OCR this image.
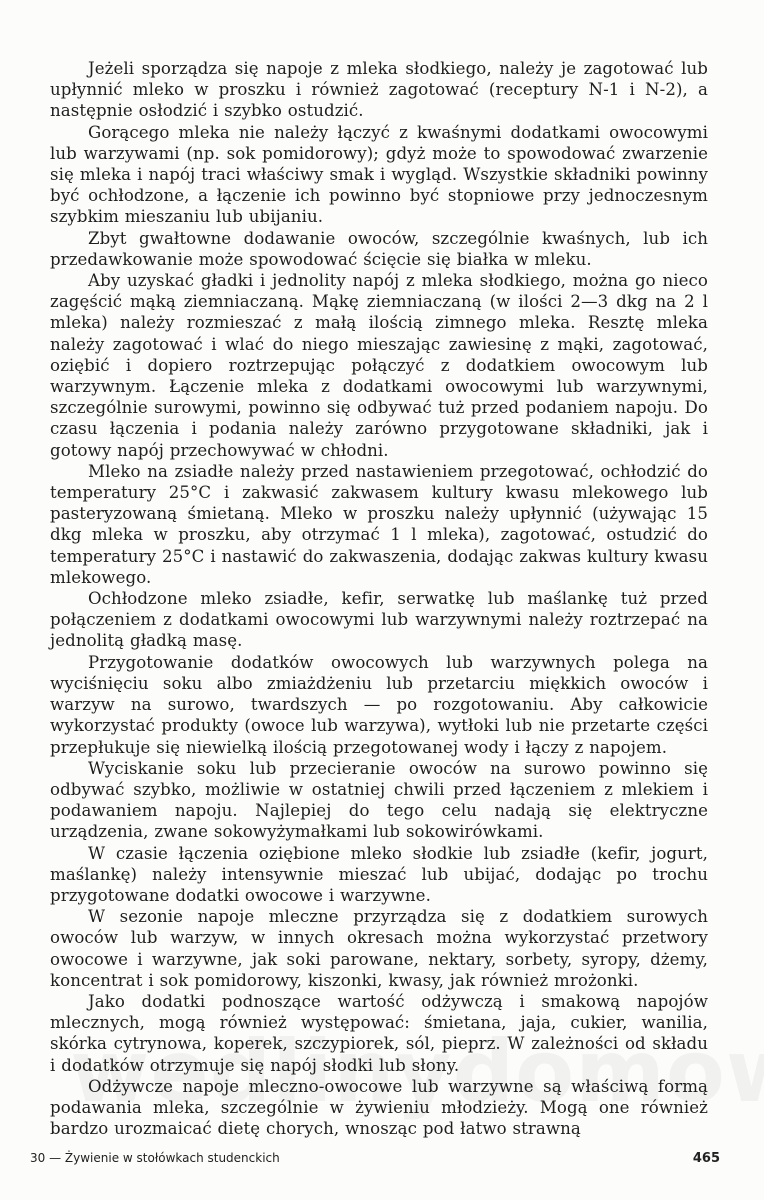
Jeżeli sporządza się napoje z mleka słodkiego, należy je zagotować lub upłynnić mleko w proszku i również zagotować (receptury N-1 i N-2), a następnie osłodzić i szybko ostudzić.

Gorącego mleka nie należy łączyć z kwaśnymi dodatkami owocowymi lub warzywami (np. sok pomidorowy); gdyż może to spowodować zwarzenie się mleka i napój traci właściwy smak i wygląd. Wszystkie składniki powinny być ochłodzone, a łączenie ich powinno być stopniowe przy jednoczesnym szybkim mieszaniu lub ubijaniu.

Zbyt gwałtowne dodawanie owoców, szczególnie kwaśnych, lub ich przedawkowanie może spowodować ścięcie się białka w mleku.

Aby uzyskać gładki i jednolity napój z mleka słodkiego, można go nieco zagęścić mąką ziemniaczaną. Mąkę ziemniaczaną (w ilości 2—3 dkg na 2 l mleka) należy rozmieszać z małą ilością zimnego mleka. Resztę mleka należy zagotować i wlać do niego mieszając zawiesinę z mąki, zagotować, oziębić i dopiero roztrzepując połączyć z dodatkiem owocowym lub warzywnym. Łączenie mleka z dodatkami owocowymi lub warzywnymi, szczególnie surowymi, powinno się odbywać tuż przed podaniem napoju. Do czasu łączenia i podania należy zarówno przygotowane składniki, jak i gotowy napój przechowywać w chłodni.

Mleko na zsiadłe należy przed nastawieniem przegotować, ochłodzić do temperatury 25°C i zakwasić zakwasem kultury kwasu mlekowego lub pasteryzowaną śmietaną. Mleko w proszku należy upłynnić (używając 15 dkg mleka w proszku, aby otrzymać 1 l mleka), zagotować, ostudzić do temperatury 25°C i nastawić do zakwaszenia, dodając zakwas kultury kwasu mlekowego.

Ochłodzone mleko zsiadłe, kefir, serwatkę lub maślankę tuż przed połączeniem z dodatkami owocowymi lub warzywnymi należy roztrzepać na jednolitą gładką masę.

Przygotowanie dodatków owocowych lub warzywnych polega na wyciśnięciu soku albo zmiażdżeniu lub przetarciu miękkich owoców i warzyw na surowo, twardszych — po rozgotowaniu. Aby całkowicie wykorzystać produkty (owoce lub warzywa), wytłoki lub nie przetarte części przepłukuje się niewielką ilością przegotowanej wody i łączy z napojem.

Wyciskanie soku lub przecieranie owoców na surowo powinno się odbywać szybko, możliwie w ostatniej chwili przed łączeniem z mlekiem i podawaniem napoju. Najlepiej do tego celu nadają się elektryczne urządzenia, zwane sokowyżymałkami lub sokowirówkami.

W czasie łączenia oziębione mleko słodkie lub zsiadłe (kefir, jogurt, maślankę) należy intensywnie mieszać lub ubijać, dodając po trochu przygotowane dodatki owocowe i warzywne.

W sezonie napoje mleczne przyrządza się z dodatkiem surowych owoców lub warzyw, w innych okresach można wykorzystać przetwory owocowe i warzywne, jak soki parowane, nektary, sorbety, syropy, dżemy, koncentrat i sok pomidorowy, kiszonki, kwasy, jak również mrożonki.

Jako dodatki podnoszące wartość odżywczą i smakową napojów mlecznych, mogą również występować: śmietana, jaja, cukier, wanilia, skórka cytrynowa, koperek, szczypiorek, sól, pieprz. W zależności od składu i dodatków otrzymuje się napój słodki lub słony.

Odżywcze napoje mleczno-owocowe lub warzywne są właściwą formą podawania mleka, szczególnie w żywieniu młodzieży. Mogą one również bardzo urozmaicać dietę chorych, wnosząc pod łatwo strawną

30 — Żywienie w stołówkach studenckich	465
